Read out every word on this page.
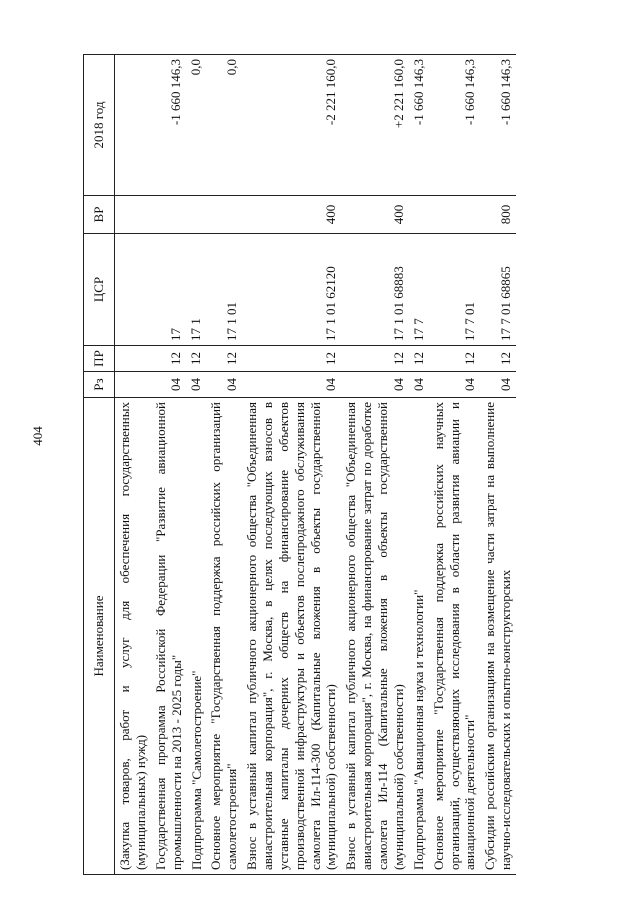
404
Наименование	Рз	ПР	ЦСР	ВР	2018 год
(Закупка товаров, работ и услуг для обеспечения государственных (муниципальных) нужд)					
Государственная программа Российской Федерации "Развитие авиационной промышленности на 2013 - 2025 годы"	04	12	17		-1 660 146,3
Подпрограмма "Самолетостроение"	04	12	17 1		0,0
Основное мероприятие "Государственная поддержка российских организаций самолетостроения"	04	12	17 1 01		0,0
Взнос в уставный капитал публичного акционерного общества "Объединенная авиастроительная корпорация", г. Москва, в целях последующих взносов в уставные капиталы дочерних обществ на финансирование объектов производственной инфраструктуры и объектов послепродажного обслуживания самолета Ил-114-300 (Капитальные вложения в объекты государственной (муниципальной) собственности)	04	12	17 1 01 62120	400	-2 221 160,0
Взнос в уставный капитал публичного акционерного общества "Объединенная авиастроительная корпорация", г. Москва, на финансирование затрат по доработке самолета Ил-114 (Капитальные вложения в объекты государственной (муниципальной) собственности)	04	12	17 1 01 68883	400	+2 221 160,0
Подпрограмма "Авиационная наука и технологии"	04	12	17 7		-1 660 146,3
Основное мероприятие "Государственная поддержка российских научных организаций, осуществляющих исследования в области развития авиации и авиационной деятельности"	04	12	17 7 01		-1 660 146,3
Субсидии российским организациям на возмещение части затрат на выполнение научно-исследовательских и опытно-конструкторских	04	12	17 7 01 68865	800	-1 660 146,3
